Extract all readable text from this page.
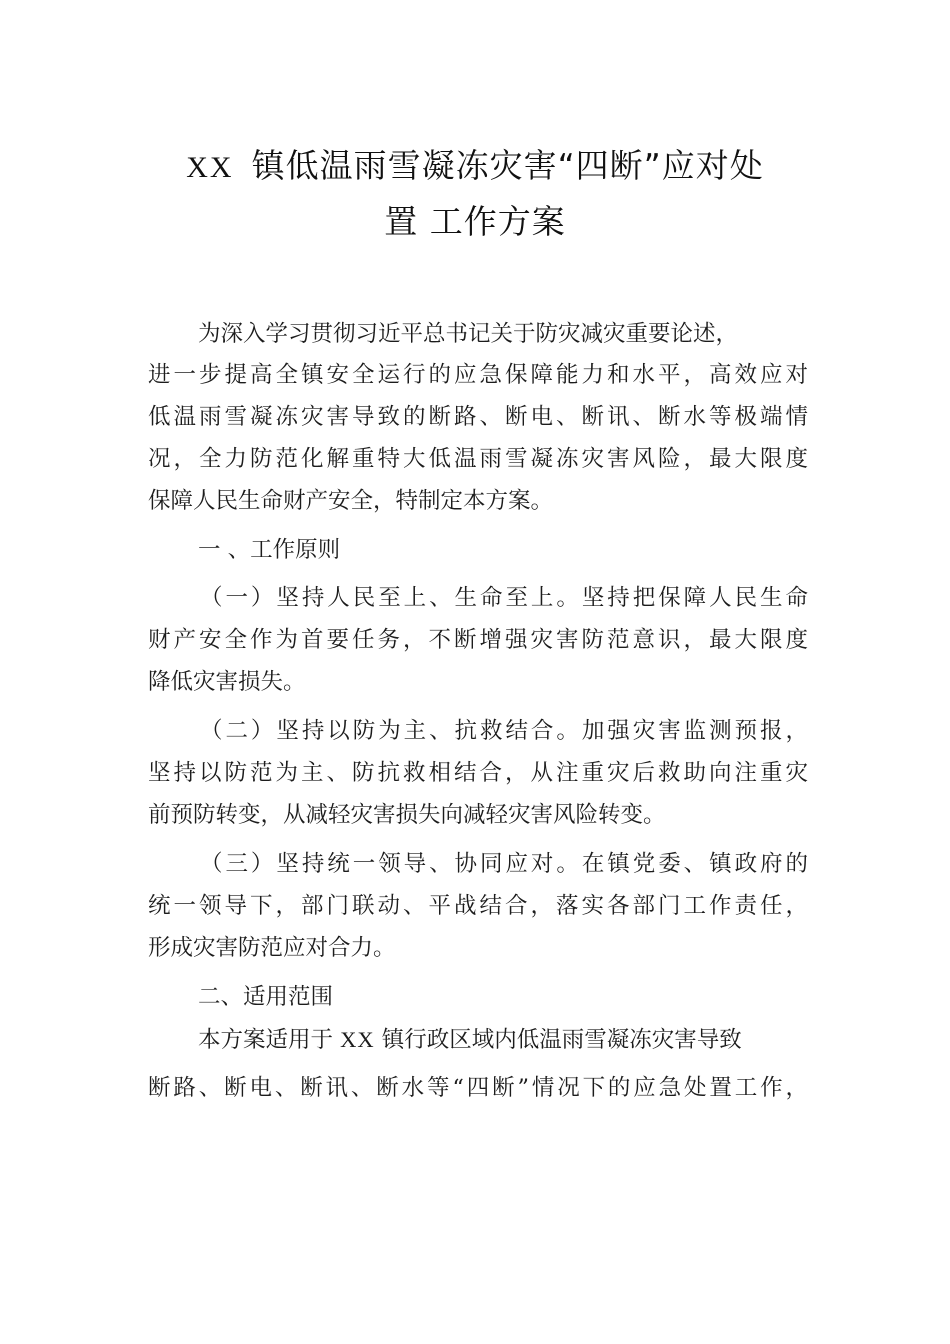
XX 镇低温雨雪凝冻灾害“四断”应对处
置 工作方案
为深入学习贯彻习近平总书记关于防灾减灾重要论述，
进一步提高全镇安全运行的应急保障能力和水平，高效应对
低温雨雪凝冻灾害导致的断路、断电、断讯、断水等极端情
况，全力防范化解重特大低温雨雪凝冻灾害风险，最大限度
保障人民生命财产安全，特制定本方案。
一 、工作原则
（一）坚持人民至上、生命至上。坚持把保障人民生命
财产安全作为首要任务，不断增强灾害防范意识，最大限度
降低灾害损失。
（二）坚持以防为主、抗救结合。加强灾害监测预报，
坚持以防范为主、防抗救相结合，从注重灾后救助向注重灾
前预防转变，从减轻灾害损失向减轻灾害风险转变。
（三）坚持统一领导、协同应对。在镇党委、镇政府的
统一领导下，部门联动、平战结合，落实各部门工作责任，
形成灾害防范应对合力。
二、适用范围
本方案适用于 XX 镇行政区域内低温雨雪凝冻灾害导致
断路、断电、断讯、断水等“四断”情况下的应急处置工作，
